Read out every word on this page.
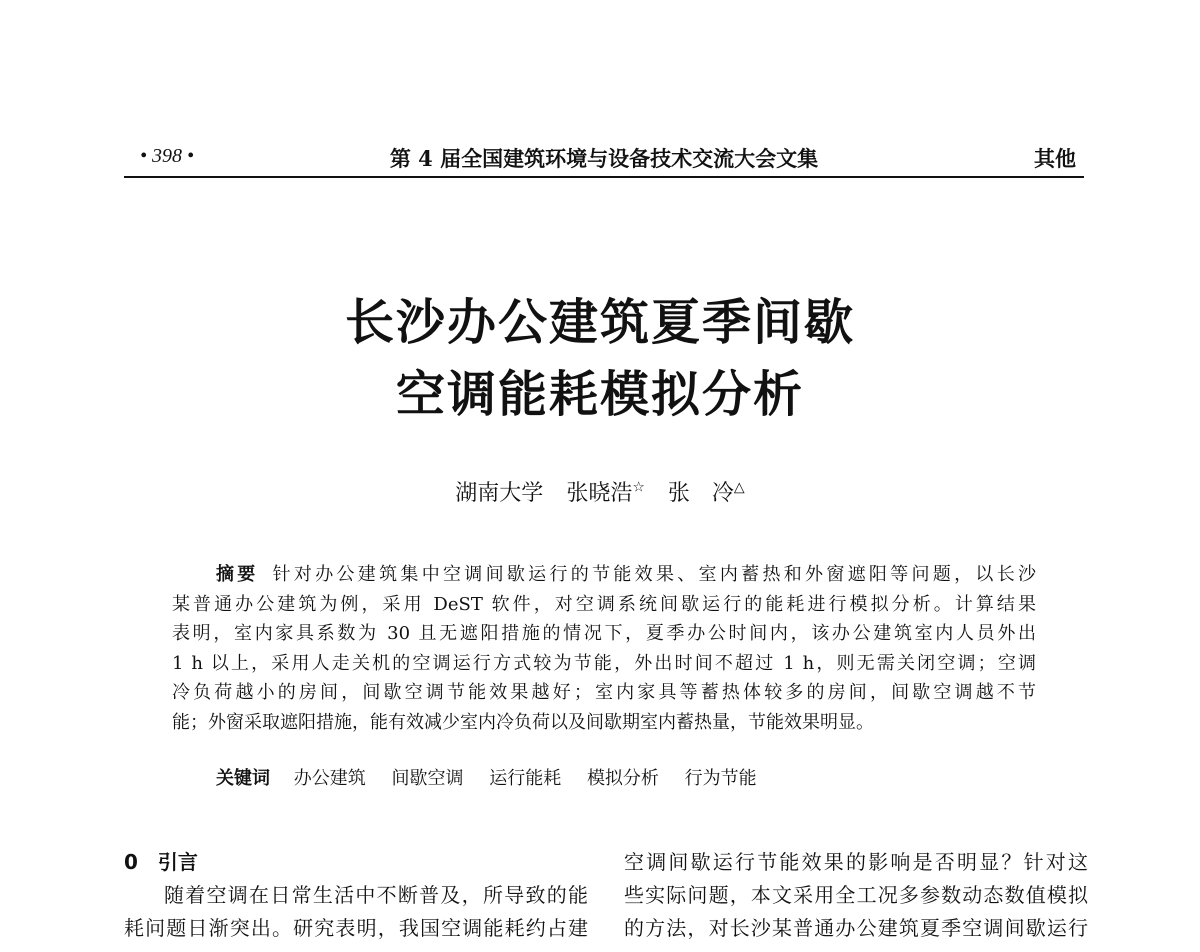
• 398 •	第 4 届全国建筑环境与设备技术交流大会文集	其他
长沙办公建筑夏季间歇
空调能耗模拟分析
湖南大学 张晓浩☆ 张　冷△
摘要 针对办公建筑集中空调间歇运行的节能效果、室内蓄热和外窗遮阳等问题，以长沙
某普通办公建筑为例，采用 DeST 软件，对空调系统间歇运行的能耗进行模拟分析。计算结果
表明，室内家具系数为 30 且无遮阳措施的情况下，夏季办公时间内，该办公建筑室内人员外出
1 h 以上，采用人走关机的空调运行方式较为节能，外出时间不超过 1 h，则无需关闭空调；空调
冷负荷越小的房间，间歇空调节能效果越好；室内家具等蓄热体较多的房间，间歇空调越不节
能；外窗采取遮阳措施，能有效减少室内冷负荷以及间歇期室内蓄热量，节能效果明显。
关键词 办公建筑 间歇空调 运行能耗 模拟分析 行为节能
0　引言
随着空调在日常生活中不断普及，所导致的能
耗问题日渐突出。研究表明，我国空调能耗约占建
空调间歇运行节能效果的影响是否明显？针对这
些实际问题，本文采用全工况多参数动态数值模拟
的方法，对长沙某普通办公建筑夏季空调间歇运行
